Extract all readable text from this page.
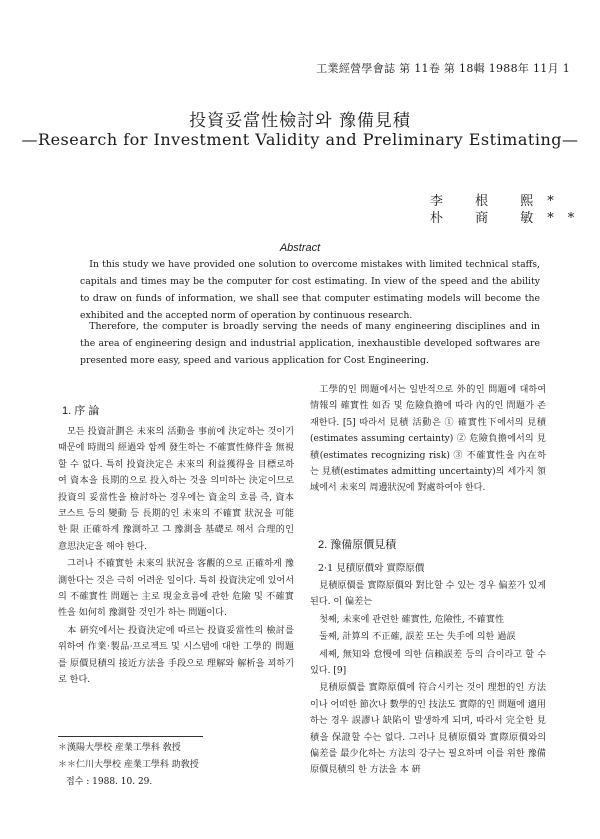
工業經營學會誌 第 11卷 第 18輯 1988年 11月 1
投資妥當性檢討와 豫備見積
—Research for Investment Validity and Preliminary Estimating—
李 根 熙*
朴 商 敏**
Abstract

In this study we have provided one solution to overcome mistakes with limited technical staffs, capitals and times may be the computer for cost estimating. In view of the speed and the ability to draw on funds of information, we shall see that computer estimating models will become the exhibited and the accepted norm of operation by continuous research.

Therefore, the computer is broadly serving the needs of many engineering disciplines and in the area of engineering design and industrial application, inexhaustible developed softwares are presented more easy, speed and various application for Cost Engineering.

1. 序 論

모든 投資計劃은 未來의 活動을 事前에 決定하는 것이기 때문에 時間의 經過와 함께 發生하는 不確實性條件을 無視할 수 없다. 특히 投資決定은 未來의 利益獲得을 目標로하여 資本을 長期的으로 投入하는 것을 의미하는 決定이므로 投資의 妥當性을 檢討하는 경우에는 資金의 흐름 즉, 資本 코스트 등의 變動 등 長期的인 未來의 不確實 狀況을 可能한 限 正確하게 豫測하고 그 豫測을 基礎로 해서 合理的인 意思決定을 해야 한다.

그러나 不確實한 未來의 狀況을 客觀的으로 正確하게 豫測한다는 것은 극히 어려운 일이다. 특히 投資決定에 있어서의 不確實性 問題는 主로 現金흐름에 관한 危險 및 不確實性을 如何히 豫測할 것인가 하는 問題이다.

本 硏究에서는 投資決定에 따르는 投資妥當性의 檢討를 위하여 作業·製品·프로젝트 및 시스템에 대한 工學的 問題를 原價見積의 接近方法을 手段으로 理解와 解析을 꾀하기로 한다.

＊漢陽大學校 産業工學科 敎授
＊＊仁川大學校 産業工學科 助敎授
접수 : 1988. 10. 29.

工學的인 問題에서는 일반적으로 外的인 問題에 대하여 情報의 確實性 如否 및 危險負擔에 따라 內的인 問題가 존재한다. [5] 따라서 見積 活動은 ① 確實性下에서의 見積(estimates assuming certainty) ② 危險負擔에서의 見積(estimates recognizing risk) ③ 不確實性을 內在하는 見積(estimates admitting uncertainty)의 세가지 領域에서 未來의 周邊狀況에 對處하여야 한다.

2. 豫備原價見積
2·1 見積原價와 實際原價

見積原價를 實際原價와 對比할 수 있는 경우 偏差가 있게 된다. 이 偏差는

첫째, 未來에 관련한 確實性, 危險性, 不確實性

둘째, 計算의 不正確, 誤差 또는 失手에 의한 過誤

세째, 無知와 怠慢에 의한 信賴誤差 등의 合이라고 할 수 있다. [9]

見積原價를 實際原價에 符合시키는 것이 理想的인 方法이나 어떠한 節次나 數學的인 技法도 實際的인 問題에 適用하는 경우 誤謬나 缺陷이 발생하게 되며, 따라서 完全한 見積을 保證할 수는 없다. 그러나 見積原價와 實際原價와의 偏差를 最少化하는 方法의 강구는 필요하며 이를 위한 豫備原價見積의 한 方法을 本 硏
